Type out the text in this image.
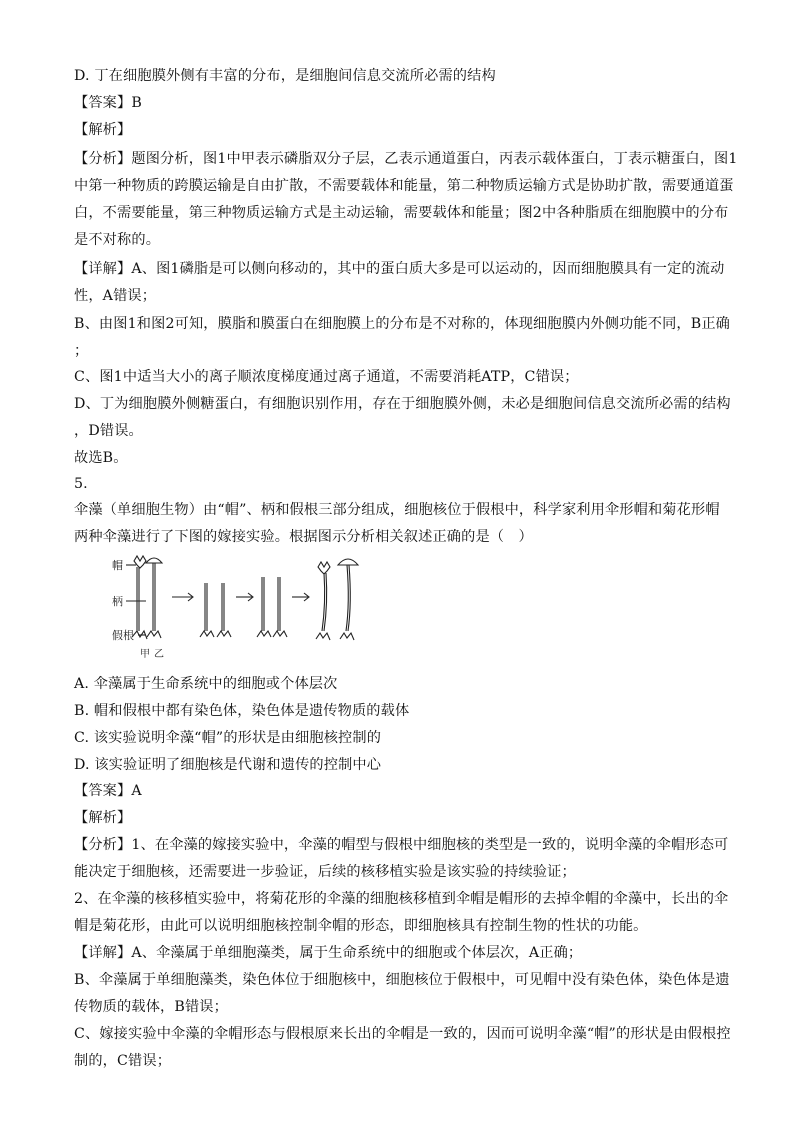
D. 丁在细胞膜外侧有丰富的分布，是细胞间信息交流所必需的结构
【答案】B
【解析】
【分析】题图分析，图1中甲表示磷脂双分子层，乙表示通道蛋白，丙表示载体蛋白，丁表示糖蛋白，图1
中第一种物质的跨膜运输是自由扩散，不需要载体和能量，第二种物质运输方式是协助扩散，需要通道蛋
白，不需要能量，第三种物质运输方式是主动运输，需要载体和能量；图2中各种脂质在细胞膜中的分布
是不对称的。
【详解】A、图1磷脂是可以侧向移动的，其中的蛋白质大多是可以运动的，因而细胞膜具有一定的流动
性，A错误；
B、由图1和图2可知，膜脂和膜蛋白在细胞膜上的分布是不对称的，体现细胞膜内外侧功能不同，B正确
；
C、图1中适当大小的离子顺浓度梯度通过离子通道，不需要消耗ATP，C错误；
D、丁为细胞膜外侧糖蛋白，有细胞识别作用，存在于细胞膜外侧，未必是细胞间信息交流所必需的结构
，D错误。
故选B。
5.
伞藻（单细胞生物）由“帽”、柄和假根三部分组成，细胞核位于假根中，科学家利用伞形帽和菊花形帽
两种伞藻进行了下图的嫁接实验。根据图示分析相关叙述正确的是（　）
A. 伞藻属于生命系统中的细胞或个体层次
B. 帽和假根中都有染色体，染色体是遗传物质的载体
C. 该实验说明伞藻“帽”的形状是由细胞核控制的
D. 该实验证明了细胞核是代谢和遗传的控制中心
【答案】A
【解析】
【分析】1、在伞藻的嫁接实验中，伞藻的帽型与假根中细胞核的类型是一致的，说明伞藻的伞帽形态可
能决定于细胞核，还需要进一步验证，后续的核移植实验是该实验的持续验证；
2、在伞藻的核移植实验中，将菊花形的伞藻的细胞核移植到伞帽是帽形的去掉伞帽的伞藻中，长出的伞
帽是菊花形，由此可以说明细胞核控制伞帽的形态，即细胞核具有控制生物的性状的功能。
【详解】A、伞藻属于单细胞藻类，属于生命系统中的细胞或个体层次，A正确；
B、伞藻属于单细胞藻类，染色体位于细胞核中，细胞核位于假根中，可见帽中没有染色体，染色体是遗
传物质的载体，B错误；
C、嫁接实验中伞藻的伞帽形态与假根原来长出的伞帽是一致的，因而可说明伞藻“帽”的形状是由假根控
制的，C错误；
帽
柄
假根
甲 乙
